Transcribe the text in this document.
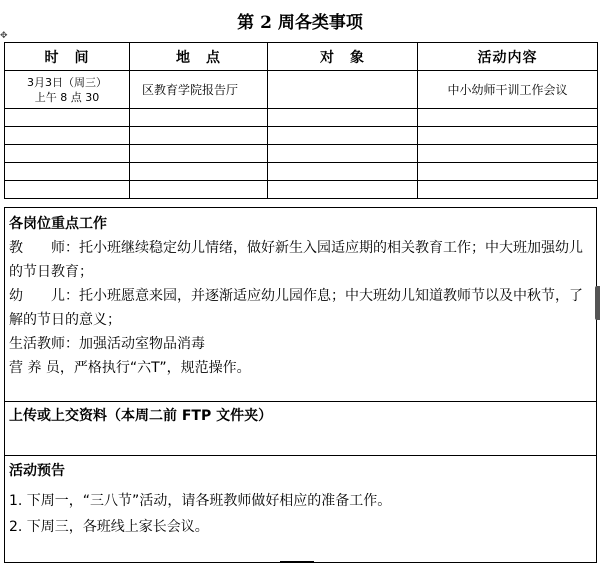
第 2 周各类事项
✥
时　间	地　点	对　象	活动内容
3月3日（周三）
上午 8 点 30	区教育学院报告厅		中小幼师干训工作会议

各岗位重点工作
教　　师：托小班继续稳定幼儿情绪，做好新生入园适应期的相关教育工作；中大班加强幼儿的节日教育；
幼　　儿：托小班愿意来园，并逐渐适应幼儿园作息；中大班幼儿知道教师节以及中秋节，了解的节日的意义；
生活教师：加强活动室物品消毒
营 养 员，严格执行“六T”，规范操作。
上传或上交资料（本周二前 FTP 文件夹）
活动预告
1. 下周一，“三八节”活动，请各班教师做好相应的准备工作。
2. 下周三，各班线上家长会议。
